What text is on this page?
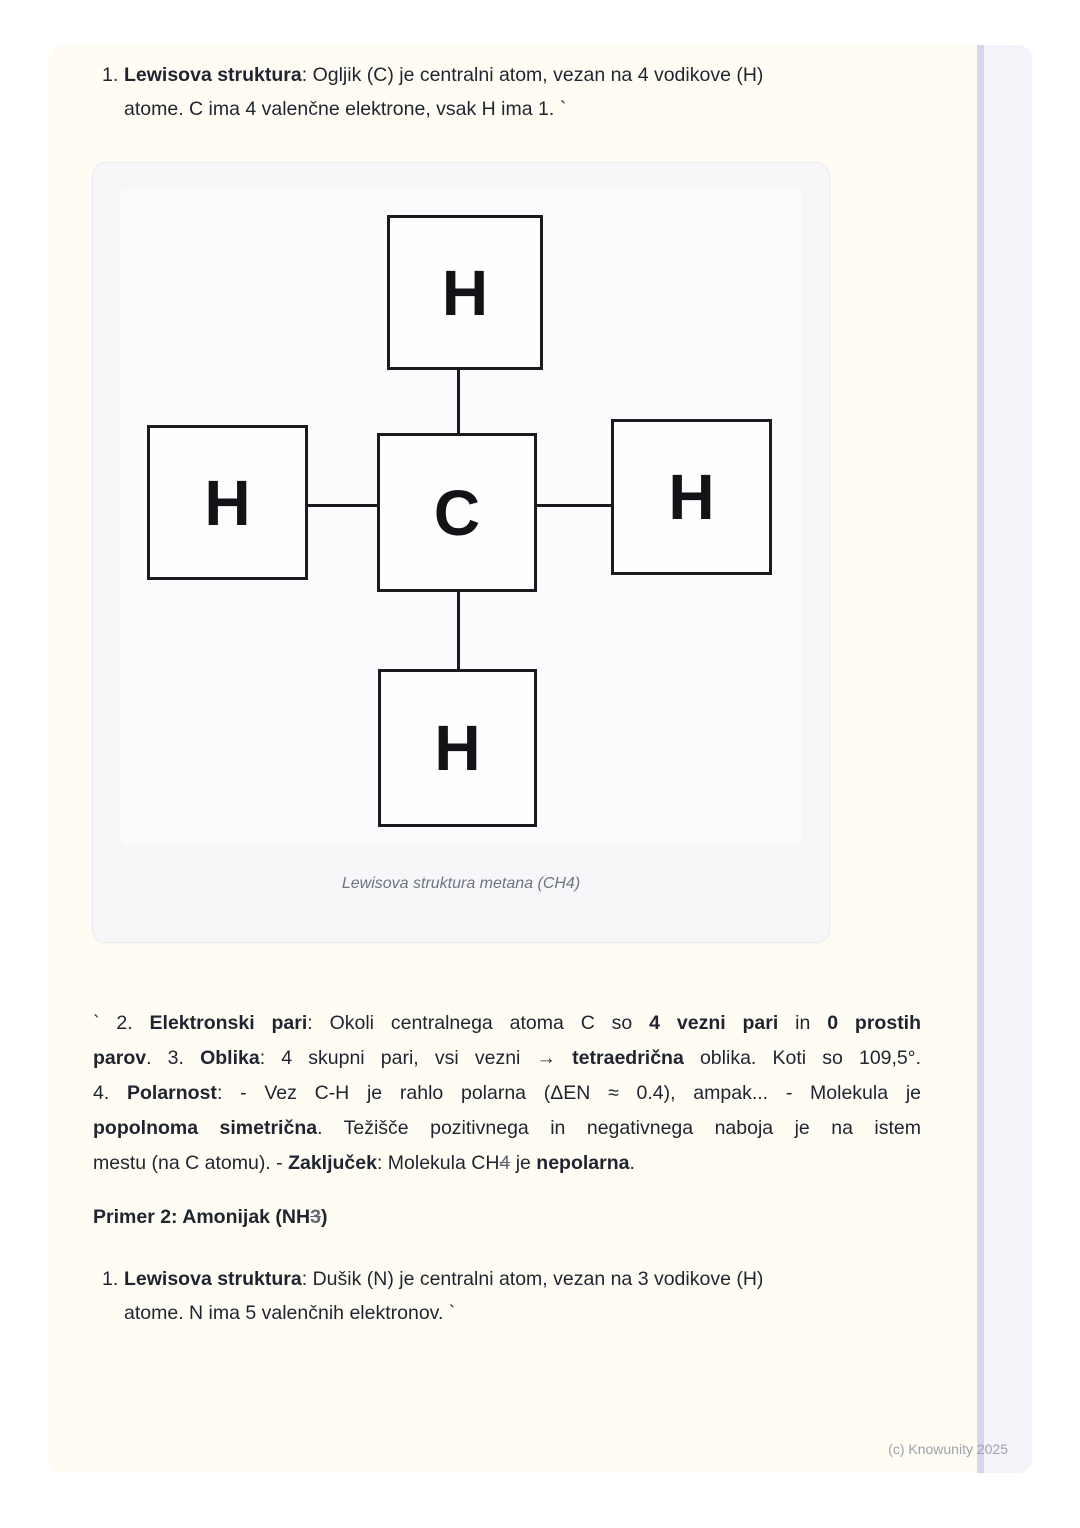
1. Lewisova struktura: Ogljik (C) je centralni atom, vezan na 4 vodikove (H)
atome. C ima 4 valenčne elektrone, vsak H ima 1. `
H
H	C	H
H
Lewisova struktura metana (CH4)
` 2. Elektronski pari: Okoli centralnega atoma C so 4 vezni pari in 0 prostih
parov. 3. Oblika: 4 skupni pari, vsi vezni → tetraedrična oblika. Koti so 109,5°.
4. Polarnost: - Vez C-H je rahlo polarna (ΔEN ≈ 0.4), ampak... - Molekula je
popolnoma simetrična. Težišče pozitivnega in negativnega naboja je na istem
mestu (na C atomu). - Zaključek: Molekula CH4 je nepolarna.
Primer 2: Amonijak (NH3)
1. Lewisova struktura: Dušik (N) je centralni atom, vezan na 3 vodikove (H)
atome. N ima 5 valenčnih elektronov. `
(c) Knowunity 2025
